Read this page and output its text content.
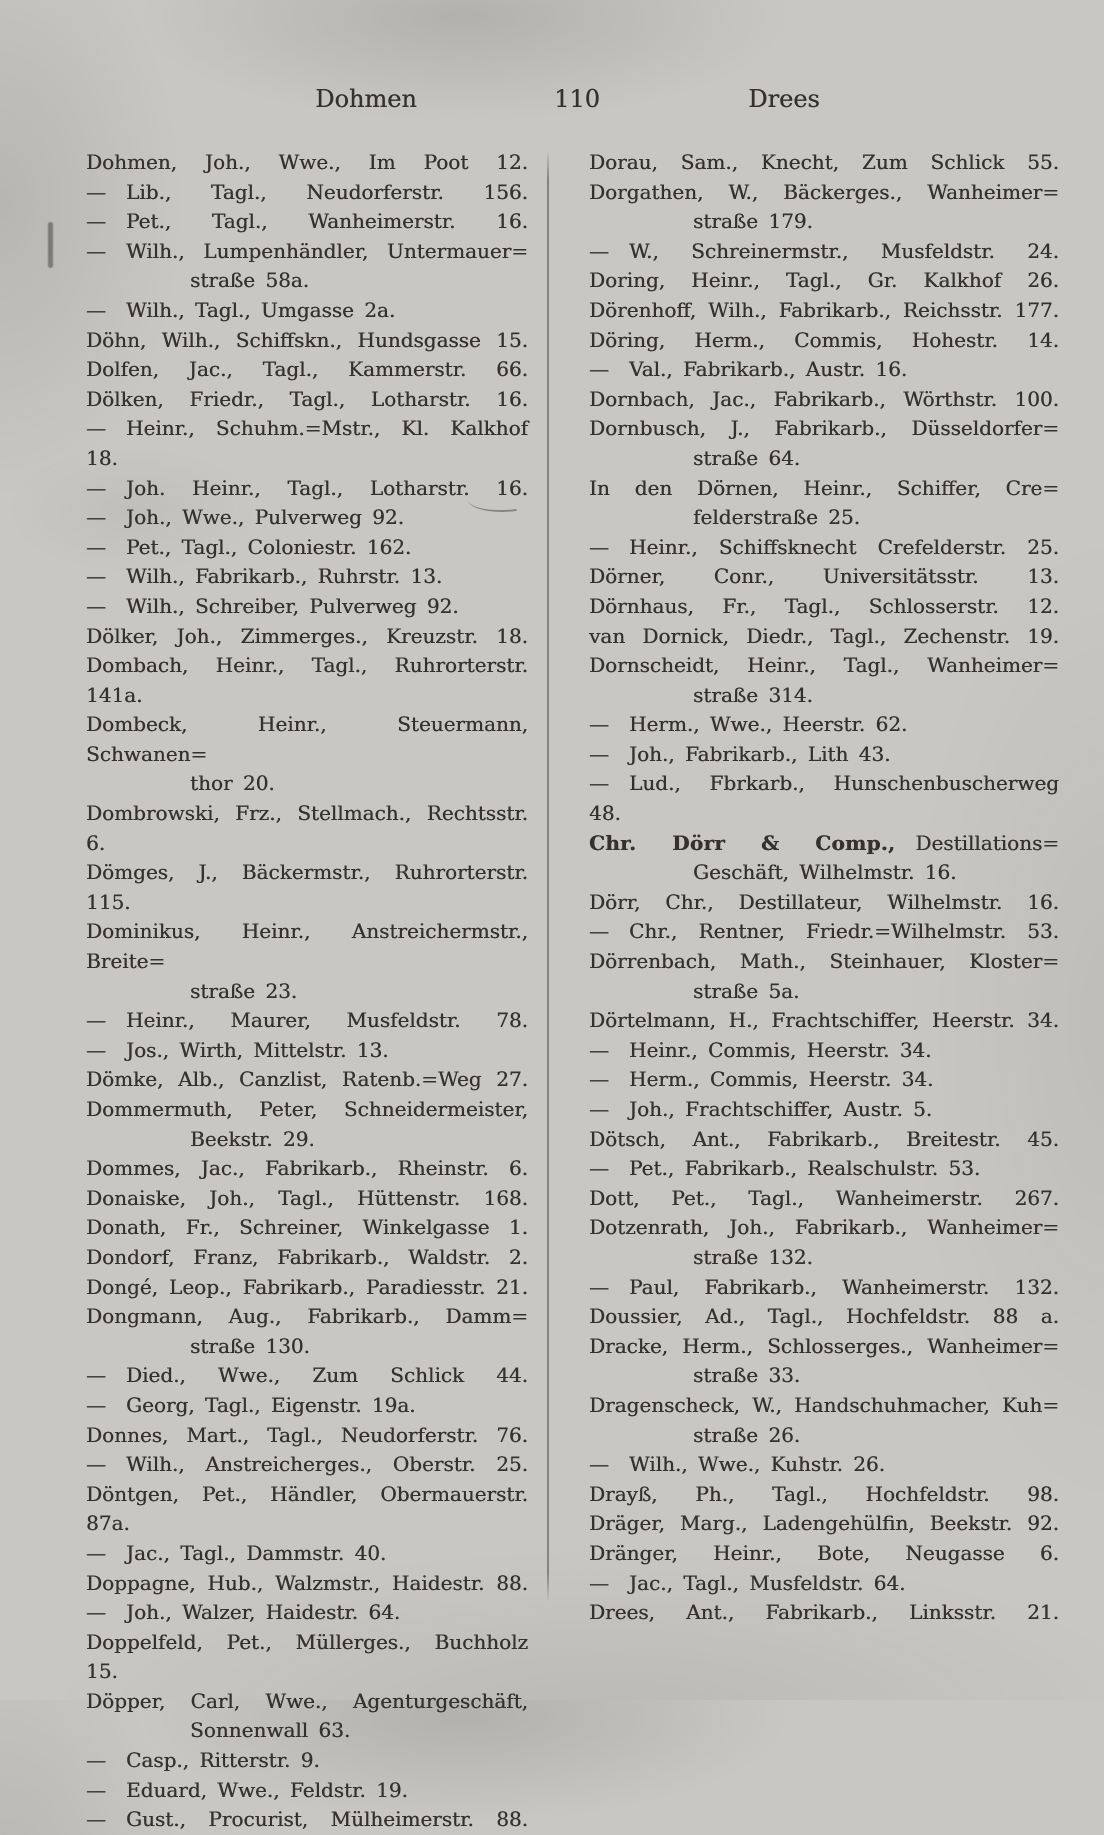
Dohmen	110	Drees
Dohmen, Joh., Wwe., Im Poot 12.
— Lib., Tagl., Neudorferstr. 156.
— Pet., Tagl., Wanheimerstr. 16.
— Wilh., Lumpenhändler, Untermauer=
straße 58a.
— Wilh., Tagl., Umgasse 2a.
Döhn, Wilh., Schiffskn., Hundsgasse 15.
Dolfen, Jac., Tagl., Kammerstr. 66.
Dölken, Friedr., Tagl., Lotharstr. 16.
— Heinr., Schuhm.=Mstr., Kl. Kalkhof 18.
— Joh. Heinr., Tagl., Lotharstr. 16.
— Joh., Wwe., Pulverweg 92.
— Pet., Tagl., Coloniestr. 162.
— Wilh., Fabrikarb., Ruhrstr. 13.
— Wilh., Schreiber, Pulverweg 92.
Dölker, Joh., Zimmerges., Kreuzstr. 18.
Dombach, Heinr., Tagl., Ruhrorterstr. 141a.
Dombeck, Heinr., Steuermann, Schwanen=
thor 20.
Dombrowski, Frz., Stellmach., Rechtsstr. 6.
Dömges, J., Bäckermstr., Ruhrorterstr. 115.
Dominikus, Heinr., Anstreichermstr., Breite=
straße 23.
— Heinr., Maurer, Musfeldstr. 78.
— Jos., Wirth, Mittelstr. 13.
Dömke, Alb., Canzlist, Ratenb.=Weg 27.
Dommermuth, Peter, Schneidermeister,
Beekstr. 29.
Dommes, Jac., Fabrikarb., Rheinstr. 6.
Donaiske, Joh., Tagl., Hüttenstr. 168.
Donath, Fr., Schreiner, Winkelgasse 1.
Dondorf, Franz, Fabrikarb., Waldstr. 2.
Dongé, Leop., Fabrikarb., Paradiesstr. 21.
Dongmann, Aug., Fabrikarb., Damm=
straße 130.
— Died., Wwe., Zum Schlick 44.
— Georg, Tagl., Eigenstr. 19a.
Donnes, Mart., Tagl., Neudorferstr. 76.
— Wilh., Anstreicherges., Oberstr. 25.
Döntgen, Pet., Händler, Obermauerstr. 87a.
— Jac., Tagl., Dammstr. 40.
Doppagne, Hub., Walzmstr., Haidestr. 88.
— Joh., Walzer, Haidestr. 64.
Doppelfeld, Pet., Müllerges., Buchholz 15.
Döpper, Carl, Wwe., Agenturgeschäft,
Sonnenwall 63.
— Casp., Ritterstr. 9.
— Eduard, Wwe., Feldstr. 19.
— Gust., Procurist, Mülheimerstr. 88.
Dorau, Sam., Knecht, Zum Schlick 55.
Dorgathen, W., Bäckerges., Wanheimer=
straße 179.
— W., Schreinermstr., Musfeldstr. 24.
Doring, Heinr., Tagl., Gr. Kalkhof 26.
Dörenhoff, Wilh., Fabrikarb., Reichsstr. 177.
Döring, Herm., Commis, Hohestr. 14.
— Val., Fabrikarb., Austr. 16.
Dornbach, Jac., Fabrikarb., Wörthstr. 100.
Dornbusch, J., Fabrikarb., Düsseldorfer=
straße 64.
In den Dörnen, Heinr., Schiffer, Cre=
felderstraße 25.
— Heinr., Schiffsknecht Crefelderstr. 25.
Dörner, Conr., Universitätsstr. 13.
Dörnhaus, Fr., Tagl., Schlosserstr. 12.
van Dornick, Diedr., Tagl., Zechenstr. 19.
Dornscheidt, Heinr., Tagl., Wanheimer=
straße 314.
— Herm., Wwe., Heerstr. 62.
— Joh., Fabrikarb., Lith 43.
— Lud., Fbrkarb., Hunschenbuscherweg 48.
Chr. Dörr & Comp., Destillations=
Geschäft, Wilhelmstr. 16.
Dörr, Chr., Destillateur, Wilhelmstr. 16.
— Chr., Rentner, Friedr.=Wilhelmstr. 53.
Dörrenbach, Math., Steinhauer, Kloster=
straße 5a.
Dörtelmann, H., Frachtschiffer, Heerstr. 34.
— Heinr., Commis, Heerstr. 34.
— Herm., Commis, Heerstr. 34.
— Joh., Frachtschiffer, Austr. 5.
Dötsch, Ant., Fabrikarb., Breitestr. 45.
— Pet., Fabrikarb., Realschulstr. 53.
Dott, Pet., Tagl., Wanheimerstr. 267.
Dotzenrath, Joh., Fabrikarb., Wanheimer=
straße 132.
— Paul, Fabrikarb., Wanheimerstr. 132.
Doussier, Ad., Tagl., Hochfeldstr. 88 a.
Dracke, Herm., Schlosserges., Wanheimer=
straße 33.
Dragenscheck, W., Handschuhmacher, Kuh=
straße 26.
— Wilh., Wwe., Kuhstr. 26.
Drayß, Ph., Tagl., Hochfeldstr. 98.
Dräger, Marg., Ladengehülfin, Beekstr. 92.
Dränger, Heinr., Bote, Neugasse 6.
— Jac., Tagl., Musfeldstr. 64.
Drees, Ant., Fabrikarb., Linksstr. 21.
